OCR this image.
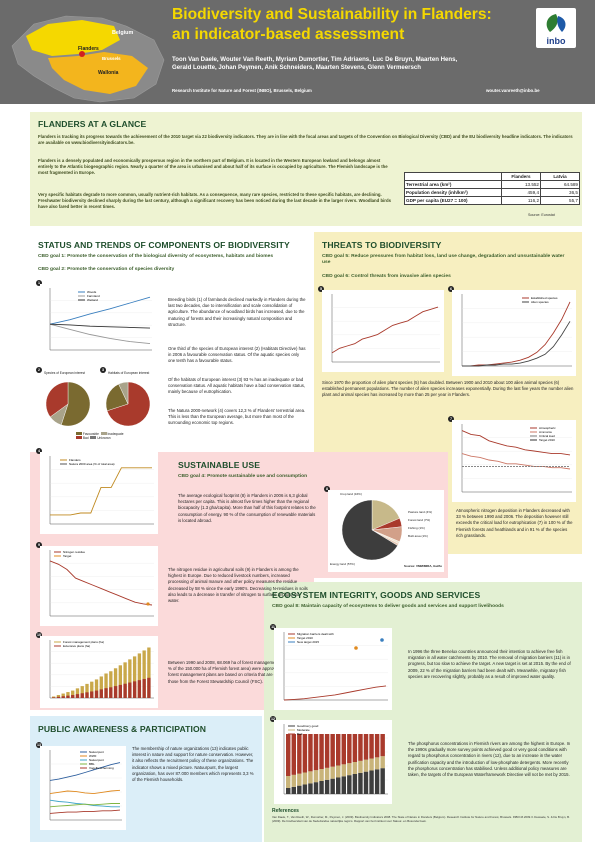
Belgium
Flanders
Brussels
Wallonia
Biodiversity and Sustainability in Flanders:
an indicator-based assessment
Toon Van Daele, Wouter Van Reeth, Myriam Dumortier, Tim Adriaens, Luc De Bruyn, Maarten Hens,
Gerald Louette, Johan Peymen, Anik Schneiders, Maarten Stevens, Glenn Vermeersch
Research Institute for Nature and Forest (INBO), Brussels, Belgium	wouter.vanreeth@inbo.be
inbo
FLANDERS AT A GLANCE
Flanders is tracking its progress towards the achievement of the 2010 target via 22 biodiversity indicators. They are in line with the focal areas and targets of the Convention on Biological Diversity (CBD) and the EU biodiversity headline indicators. The indicators are available on www.biodiversityindicators.be.
Flanders is a densely populated and economically prosperous region in the northern part of Belgium. It is located in the Western European lowland and belongs almost entirely to the Atlantic biogeographic region. Nearly a quarter of the area is urbanised and about half of its surface is occupied by agriculture. The Flemish landscape is the most fragmented in Europe.
Very specific habitats degrade to more common, usually nutrient-rich habitats. As a consequence, many rare species, restricted to these specific habitats, are declining. Freshwater biodiversity declined sharply during the last century, although a significant recovery has been noticed during the last decade in the larger rivers. Woodland birds have also fared better in recent times.
	Flanders	Latvia
Terrestrial area (km²)	13.552	64.589
Population density (inh/km²)	459,4	36,5
GDP per capita (EU27 = 100)	116,2	55,7
Source: Eurostat
STATUS AND TRENDS OF COMPONENTS OF BIODIVERSITY
CBD goal 1: Promote the conservation of the biological diversity of ecosystems, habitats and biomes
CBD goal 2: Promote the conservation of species diversity
1
Woods
Farmland
Wetland	Breeding birds (1) of farmlands declined markedly in Flanders during the last two decades, due to intensification and scale consolidation of agriculture. The abundance of woodland birds has increased, due to the maturing of forests and their increasingly natural composition and structure.
2	3
Species of European interest	Habitats of European interest
Favourable	Inadequate
Bad	Unknown
One third of the species of European interest (2) (Habitats Directive) has in 2006 a favourable conservation status. Of the aquatic species only one tenth has a favourable status.
Of the habitats of European interest (3) 93 % has an inadequate or bad conservation status. All aquatic habitats have a bad conservation status, mainly because of eutrophication.
The Natura 2000-network (4) covers 12,3 % of Flanders' terrestrial area. This is less than the European average, but more than most of the surrounding economic top regions.
4
Flanders
Natura 2000 area (% of total area)
THREATS TO BIODIVERSITY
CBD goal 5: Reduce pressures from habitat loss, land use change, degradation and unsustainable water use
CBD goal 6: Control threats from invasive alien species
5	6
Established species
Alien species
Since 1970 the proportion of alien plant species (5) has doubled. Between 1900 and 2010 about 100 alien animal species (6) established permanent populations. The number of alien species increases exponentially. During the last five years the number alien plant and animal species has increased by more than 25 per year in Flanders.
7
Atmospheric
Ammonia
Critical load
Target 2010
Atmospheric nitrogen deposition in Flanders decreased with 33 % between 1990 and 2006. The deposition however still exceeds the critical load for eutrophication (7) in 100 % of the Flemish forests and heathlands and in 91 % of the species rich grasslands.
SUSTAINABLE USE
CBD goal 4: Promote sustainable use and consumption
The average ecological footprint (8) in Flanders in 2006 is 6,3 global hectares per capita. This is almost five times higher than the regional biocapacity (1.3 gha/capita). More than half of this footprint relates to the consumption of energy. 90 % of the consumption of renewable materials is located abroad.
8
Crop land (16%)
Pasture land (4%)
Forest land (7%)
Fishing (1%)
Built area (1%)
Energy land (57%)	Source: VMM/MIRA, Guilfu
9
Nitrogen residue
Target
The nitrogen residue in agricultural soils (9) in Flanders is among the highest in Europe. Due to reduced livestock numbers, increased processing of animal manure and other policy measures the residue decreased by 58 % since the early 1990's. Decreasing N-residues in soils also leads to a decrease in transfer of nitrogen to surface and ground water.
10
Forest management plans (ha)
Extensive plans (ha)
Between 1990 and 2008, 68.069 ha of forest management plans (10) (43 % of the 150.000 ha of Flemish forest area) were approved. Extensive forest management plans are based on criteria that are closely related to those from the Forest Stewardship Council (FSC).
ECOSYSTEM INTEGRITY, GOODS AND SERVICES
CBD goal 8: Maintain capacity of ecosystems to deliver goods and services and support livelihoods
11
Migration barriers dealt with
Target 2010
New target 2015
In 1996 the three Benelux countries announced their intention to achieve free fish migration in all water catchments by 2010. The removal of migration barriers (11) is in progress, but too slow to achieve the target. A new target is set at 2015. By the end of 2009, 22 % of the migration barriers had been dealt with. Meanwhile, migratory fish species are recovering slightly, probably as a result of improved water quality.
12
Good/very good
Moderate
Bad
The phosphorus concentrations in Flemish rivers are among the highest in Europe. In the 1990s gradually more survey points achieved good or very good conditions with regard to phosphorus concentration in rivers (12), due to an increase in the water purification capacity and the introduction of low-phosphate detergents. More recently the phosphorus concentration has stabilised. Unless additional policy measures are taken, the targets of the European Waterframework Directive will not be met by 2015.
References
Van Daele, T., Van Reeth, W., Dumortier, M., Peymen, J. (2009). Biodiversity Indicators 2008. The State of Nature in Flanders (Belgium). Research Institute for Nature and Forest, Brussels. INBO.M.2009.3. Dewaele, S. & De Bruyn, B. (2009). De biodiversiteit van de Nederlandse natuurlijke regio's. Rapport van het Instituut voor Natuur- en Bosonderzoek.
PUBLIC AWARENESS & PARTICIPATION
13
Natuurpunt
WWF
Natuurpunt
BBL
Vogelbescherming
The membership of nature organizations (13) indicates public interest in nature and support for nature conservation. However, it also reflects the recruitment policy of these organizations. The indicator shows a mixed picture. Natuurpunt, the largest organization, has over 87.000 members which represents 3,3 % of the Flemish households.
